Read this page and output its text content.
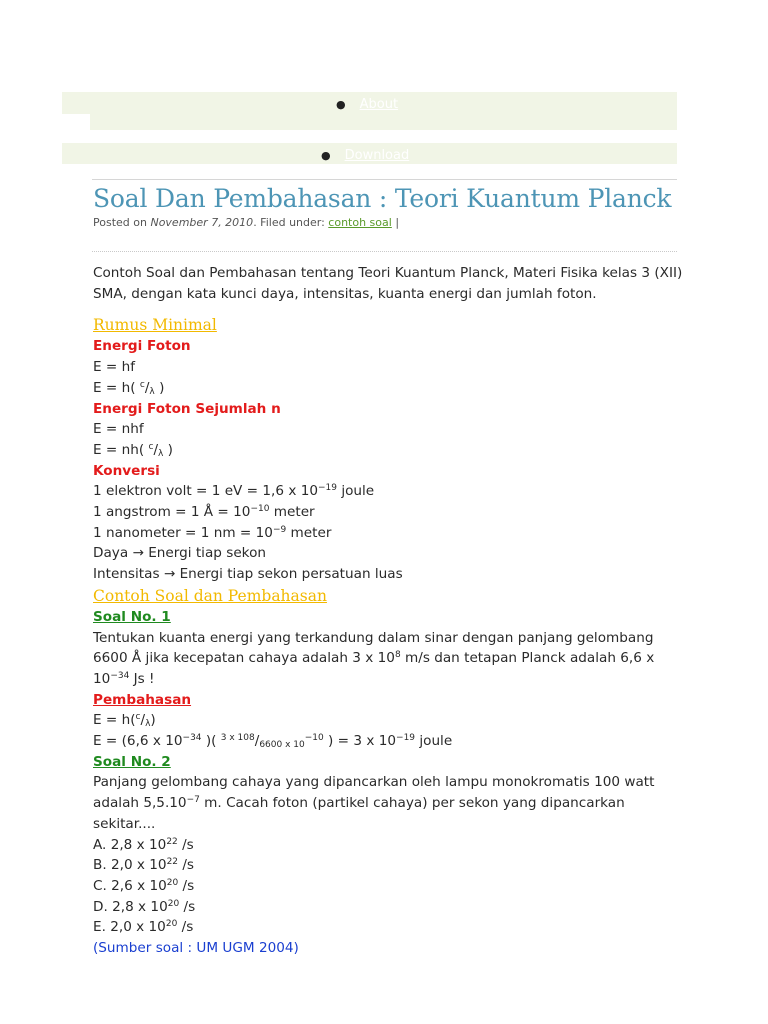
● About
● Download
Soal Dan Pembahasan : Teori Kuantum Planck
Posted on November 7, 2010. Filed under: contoh soal |

Contoh Soal dan Pembahasan tentang Teori Kuantum Planck, Materi Fisika kelas 3 (XII) SMA, dengan kata kunci daya, intensitas, kuanta energi dan jumlah foton.

Rumus Minimal

Energi Foton

E = hf

E = h( $^c/_\lambda$ )

Energi Foton Sejumlah n

E = nhf

E = nh( $^c/_\lambda$ )

Konversi

1 elektron volt = 1 eV = 1,6 x $10^{-19}$ joule

1 angstrom = 1 Å = $10^{-10}$ meter

1 nanometer = 1 nm = $10^{-9}$ meter

Daya → Energi tiap sekon

Intensitas → Energi tiap sekon persatuan luas

Contoh Soal dan Pembahasan

Soal No. 1

Tentukan kuanta energi yang terkandung dalam sinar dengan panjang gelombang 6600 Å jika kecepatan cahaya adalah 3 x $10^8$ m/s dan tetapan Planck adalah 6,6 x $10^{-34}$ Js !

Pembahasan

$E = h(^c/_\lambda)$

E = (6,6 x $10^{-34}$ )( $^{3 x 108}/_{6600 x 10}^{-10}$ ) = 3 x $10^{-19}$ joule

Soal No. 2

Panjang gelombang cahaya yang dipancarkan oleh lampu monokromatis 100 watt adalah $5,5.10^{-7}$ m. Cacah foton (partikel cahaya) per sekon yang dipancarkan sekitar....

A. 2,8 x $10^{22}$ /s

B. 2,0 x $10^{22}$ /s

C. 2,6 x $10^{20}$ /s

D. 2,8 x $10^{20}$ /s

E. 2,0 x $10^{20}$ /s

(Sumber soal : UM UGM 2004)
